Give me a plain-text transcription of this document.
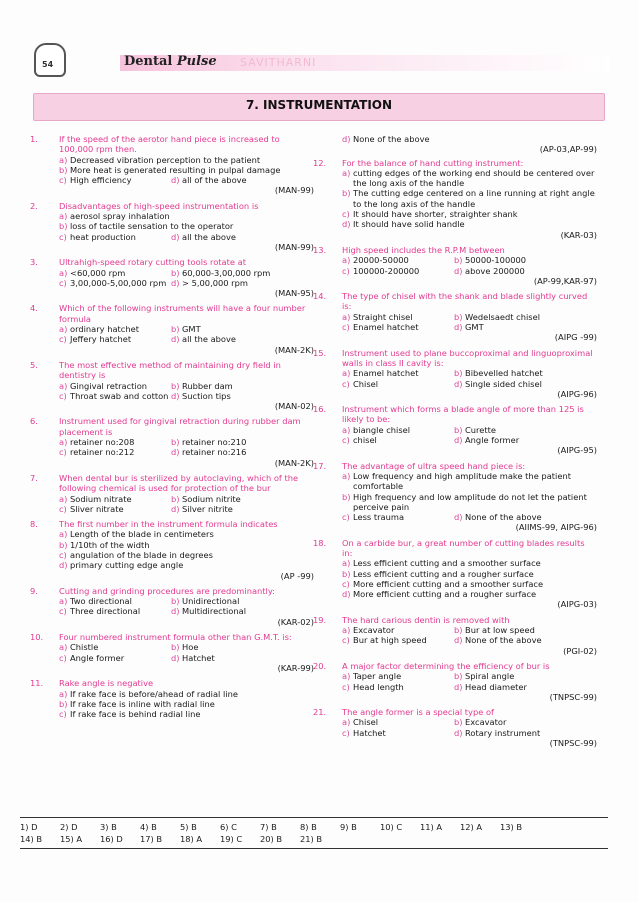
54	Dental Pulse SAVITHARNI
7. INSTRUMENTATION
1.	If the speed of the aerotor hand piece is increased to 100,000 rpm then.
a) Decreased vibration perception to the patient
b) More heat is generated resulting in pulpal damage
c) High efficiency	d) all of the above
(MAN-99)
2.	Disadvantages of high-speed instrumentation is
a) aerosol spray inhalation
b) loss of tactile sensation to the operator
c) heat production	d) all the above
(MAN-99)
3.	Ultrahigh-speed rotary cutting tools rotate at
a) <60,000 rpm	b) 60,000-3,00,000 rpm
c) 3,00,000-5,00,000 rpm d) > 5,00,000 rpm
(MAN-95)
4.	Which of the following instruments will have a four number formula
a) ordinary hatchet	b) GMT
c) Jeffery hatchet	d) all the above
(MAN-2K)
5.	The most effective method of maintaining dry field in dentistry is
a) Gingival retraction	b) Rubber dam
c) Throat swab and cotton d) Suction tips
(MAN-02)
6.	Instrument used for gingival retraction during rubber dam placement is
a) retainer no:208	b) retainer no:210
c) retainer no:212	d) retainer no:216
(MAN-2K)
7.	When dental bur is sterilized by autoclaving, which of the following chemical is used for protection of the bur
a) Sodium nitrate	b) Sodium nitrite
c) Sliver nitrate	d) Silver nitrite
8.	The first number in the instrument formula indicates
a) Length of the blade in centimeters
b) 1/10th of the width
c) angulation of the blade in degrees
d) primary cutting edge angle
(AP -99)
9.	Cutting and grinding procedures are predominantly:
a) Two directional	b) Unidirectional
c) Three directional	d) Multidirectional
(KAR-02)
10. Four numbered instrument formula other than G.M.T. is:
a) Chistle	b) Hoe
c) Angle former	d) Hatchet
(KAR-99)
11. Rake angle is negative
a) If rake face is before/ahead of radial line
b) If rake face is inline with radial line
c) If rake face is behind radial line
d) None of the above
(AP-03,AP-99)
12. For the balance of hand cutting instrument:
a) cutting edges of the working end should be centered over the long axis of the handle
b) The cutting edge centered on a line running at right angle to the long axis of the handle
c) It should have shorter, straighter shank
d) It should have solid handle
(KAR-03)
13. High speed includes the R.P.M between
a) 20000-50000	b) 50000-100000
c) 100000-200000	d) above 200000
(AP-99,KAR-97)
14. The type of chisel with the shank and blade slightly curved is:
a) Straight chisel	b) Wedelsaedt chisel
c) Enamel hatchet	d) GMT
(AIPG -99)
15. Instrument used to plane buccoproximal and linguoproximal walls in class II cavity is:
a) Enamel hatchet	b) Bibevelled hatchet
c) Chisel	d) Single sided chisel
(AIPG-96)
16. Instrument which forms a blade angle of more than 125 is likely to be:
a) biangle chisel	b) Curette
c) chisel	d) Angle former
(AIPG-95)
17. The advantage of ultra speed hand piece is:
a) Low frequency and high amplitude make the patient comfortable
b) High frequency and low amplitude do not let the patient perceive pain
c) Less trauma	d) None of the above
(AIIMS-99, AIPG-96)
18. On a carbide bur, a great number of cutting blades results in:
a) Less efficient cutting and a smoother surface
b) Less efficient cutting and a rougher surface
c) More efficient cutting and a smoother surface
d) More efficient cutting and a rougher surface
(AIPG-03)
19. The hard carious dentin is removed with
a) Excavator	b) Bur at low speed
c) Bur at high speed	d) None of the above
(PGI-02)
20. A major factor determining the efficiency of bur is
a) Taper angle	b) Spiral angle
c) Head length	d) Head diameter
(TNPSC-99)
21. The angle former is a special type of
a) Chisel	b) Excavator
c) Hatchet	d) Rotary instrument
(TNPSC-99)
1) D	2) D	3) B	4) B	5) B	6) C	7) B	8) B	9) B	10) C	11) A	12) A	13) B
14) B	15) A	16) D	17) B	18) A	19) C	20) B	21) B
